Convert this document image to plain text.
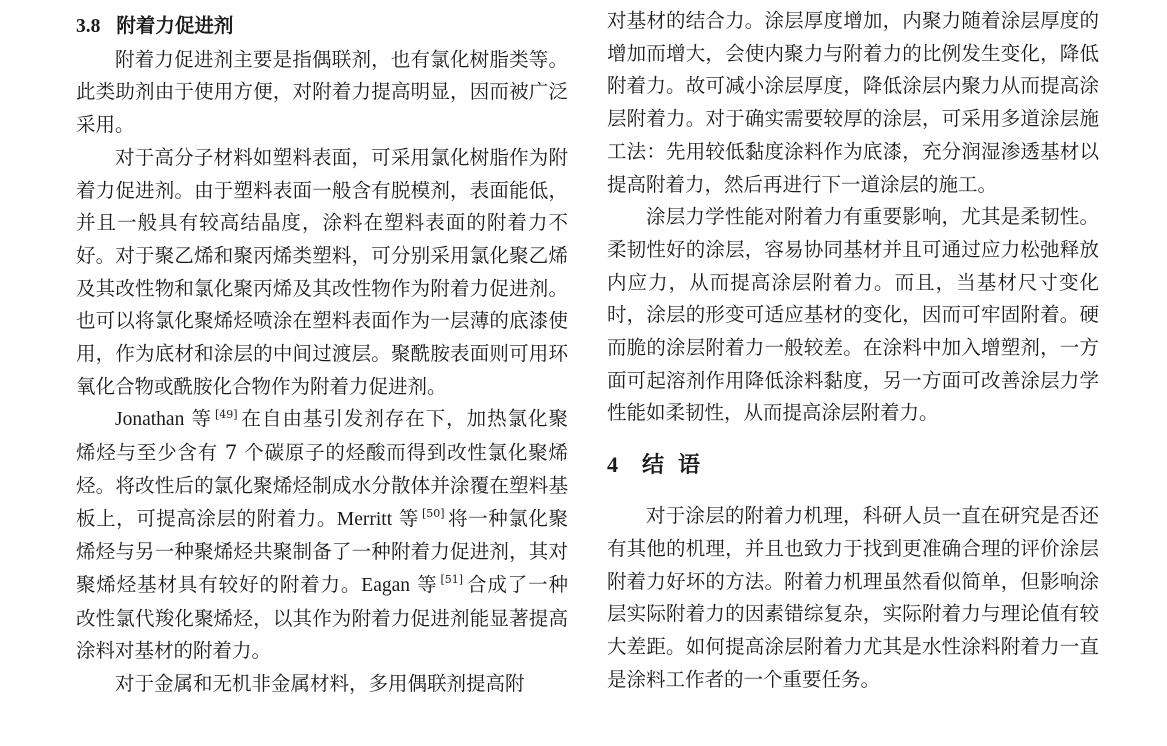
3.8 附着力促进剂

附着力促进剂主要是指偶联剂，也有氯化树脂类等。此类助剂由于使用方便，对附着力提高明显，因而被广泛采用。

对于高分子材料如塑料表面，可采用氯化树脂作为附着力促进剂。由于塑料表面一般含有脱模剂，表面能低，并且一般具有较高结晶度，涂料在塑料表面的附着力不好。对于聚乙烯和聚丙烯类塑料，可分别采用氯化聚乙烯及其改性物和氯化聚丙烯及其改性物作为附着力促进剂。也可以将氯化聚烯烃喷涂在塑料表面作为一层薄的底漆使用，作为底材和涂层的中间过渡层。聚酰胺表面则可用环氧化合物或酰胺化合物作为附着力促进剂。

Jonathan 等 [49] 在自由基引发剂存在下，加热氯化聚烯烃与至少含有 7 个碳原子的烃酸而得到改性氯化聚烯烃。将改性后的氯化聚烯烃制成水分散体并涂覆在塑料基板上，可提高涂层的附着力。Merritt 等 [50] 将一种氯化聚烯烃与另一种聚烯烃共聚制备了一种附着力促进剂，其对聚烯烃基材具有较好的附着力。Eagan 等 [51] 合成了一种改性氯代羧化聚烯烃，以其作为附着力促进剂能显著提高涂料对基材的附着力。

对于金属和无机非金属材料，多用偶联剂提高附

对基材的结合力。涂层厚度增加，内聚力随着涂层厚度的增加而增大，会使内聚力与附着力的比例发生变化，降低附着力。故可减小涂层厚度，降低涂层内聚力从而提高涂层附着力。对于确实需要较厚的涂层，可采用多道涂层施工法：先用较低黏度涂料作为底漆，充分润湿渗透基材以提高附着力，然后再进行下一道涂层的施工。

涂层力学性能对附着力有重要影响，尤其是柔韧性。柔韧性好的涂层，容易协同基材并且可通过应力松弛释放内应力，从而提高涂层附着力。而且，当基材尺寸变化时，涂层的形变可适应基材的变化，因而可牢固附着。硬而脆的涂层附着力一般较差。在涂料中加入增塑剂，一方面可起溶剂作用降低涂料黏度，另一方面可改善涂层力学性能如柔韧性，从而提高涂层附着力。

4 结语

对于涂层的附着力机理，科研人员一直在研究是否还有其他的机理，并且也致力于找到更准确合理的评价涂层附着力好坏的方法。附着力机理虽然看似简单，但影响涂层实际附着力的因素错综复杂，实际附着力与理论值有较大差距。如何提高涂层附着力尤其是水性涂料附着力一直是涂料工作者的一个重要任务。
